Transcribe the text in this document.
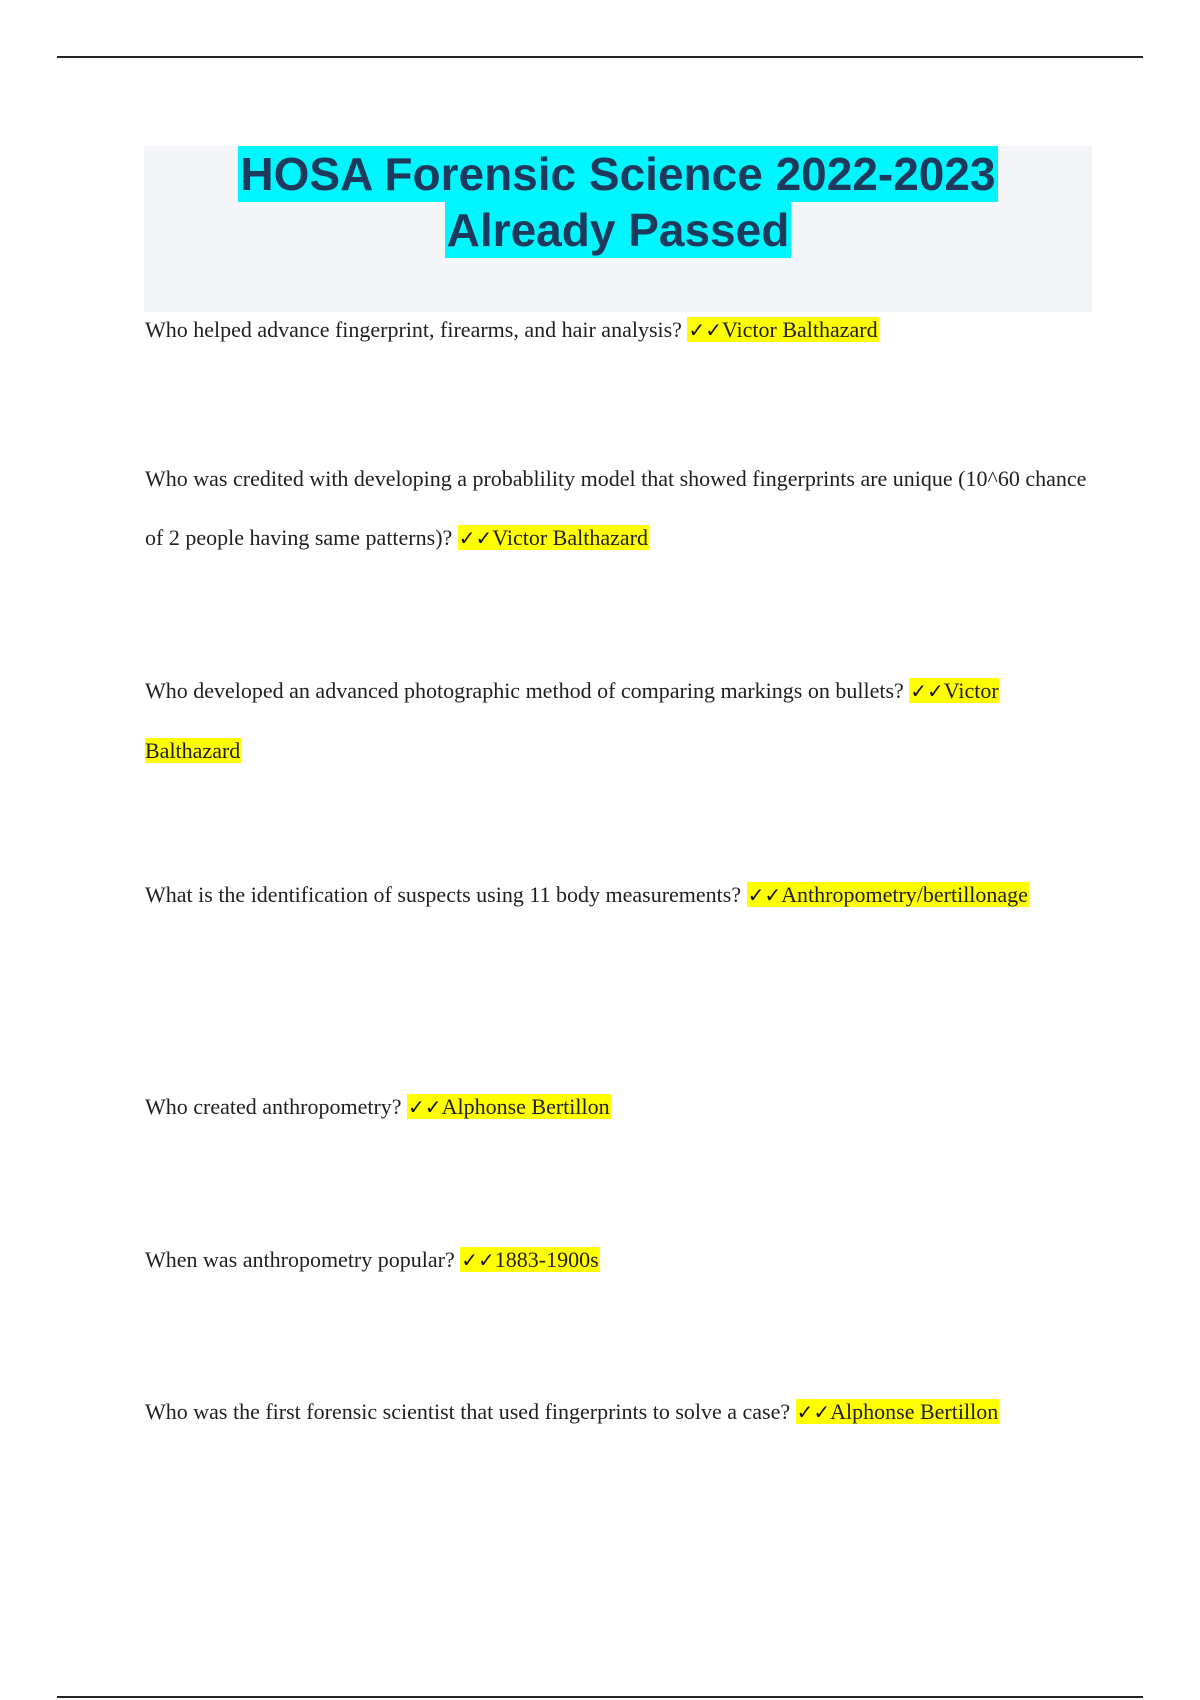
HOSA Forensic Science 2022-2023
Already Passed
Who helped advance fingerprint, firearms, and hair analysis? ✓✓Victor Balthazard
Who was credited with developing a probablility model that showed fingerprints are unique (10^60 chance of 2 people having same patterns)? ✓✓Victor Balthazard
Who developed an advanced photographic method of comparing markings on bullets? ✓✓Victor Balthazard
What is the identification of suspects using 11 body measurements? ✓✓Anthropometry/bertillonage
Who created anthropometry? ✓✓Alphonse Bertillon
When was anthropometry popular? ✓✓1883-1900s
Who was the first forensic scientist that used fingerprints to solve a case? ✓✓Alphonse Bertillon
